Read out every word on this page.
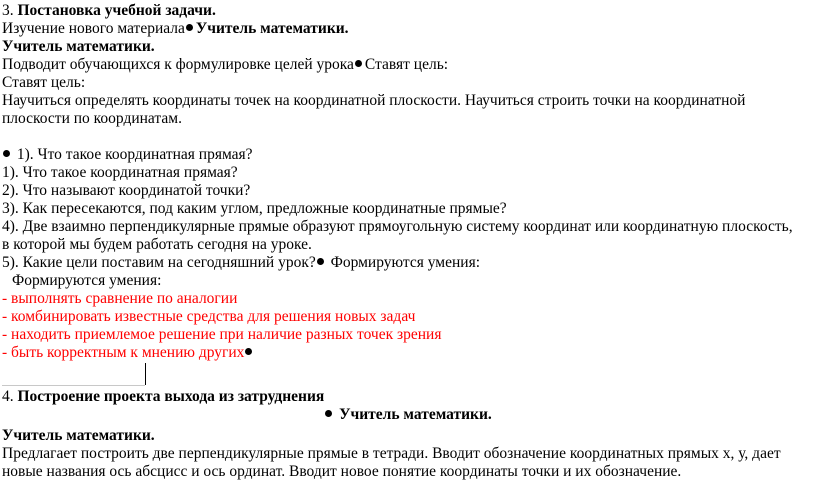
3. Постановка учебной задачи.
Изучение нового материала Учитель математики.
Учитель математики.
Подводит обучающихся к формулировке целей урока Ставят цель:
Ставят цель:
Научиться определять координаты точек на координатной плоскости. Научиться строить точки на координатной
плоскости по координатам.
1). Что такое координатная прямая?
1). Что такое координатная прямая?
2). Что называют координатой точки?
3). Как пересекаются, под каким углом, предложные координатные прямые?
4). Две взаимно перпендикулярные прямые образуют прямоугольную систему координат или координатную плоскость,
в которой мы будем работать сегодня на уроке.
5). Какие цели поставим на сегодняшний урок? Формируются умения:
Формируются умения:
- выполнять сравнение по аналогии
- комбинировать известные средства для решения новых задач
- находить приемлемое решение при наличие разных точек зрения
- быть корректным к мнению других
4. Построение проекта выхода из затруднения
Учитель математики.
Учитель математики.
Предлагает построить две перпендикулярные прямые в тетради. Вводит обозначение координатных прямых х, у, дает
новые названия ось абсцисс и ось ординат. Вводит новое понятие координаты точки и их обозначение.
